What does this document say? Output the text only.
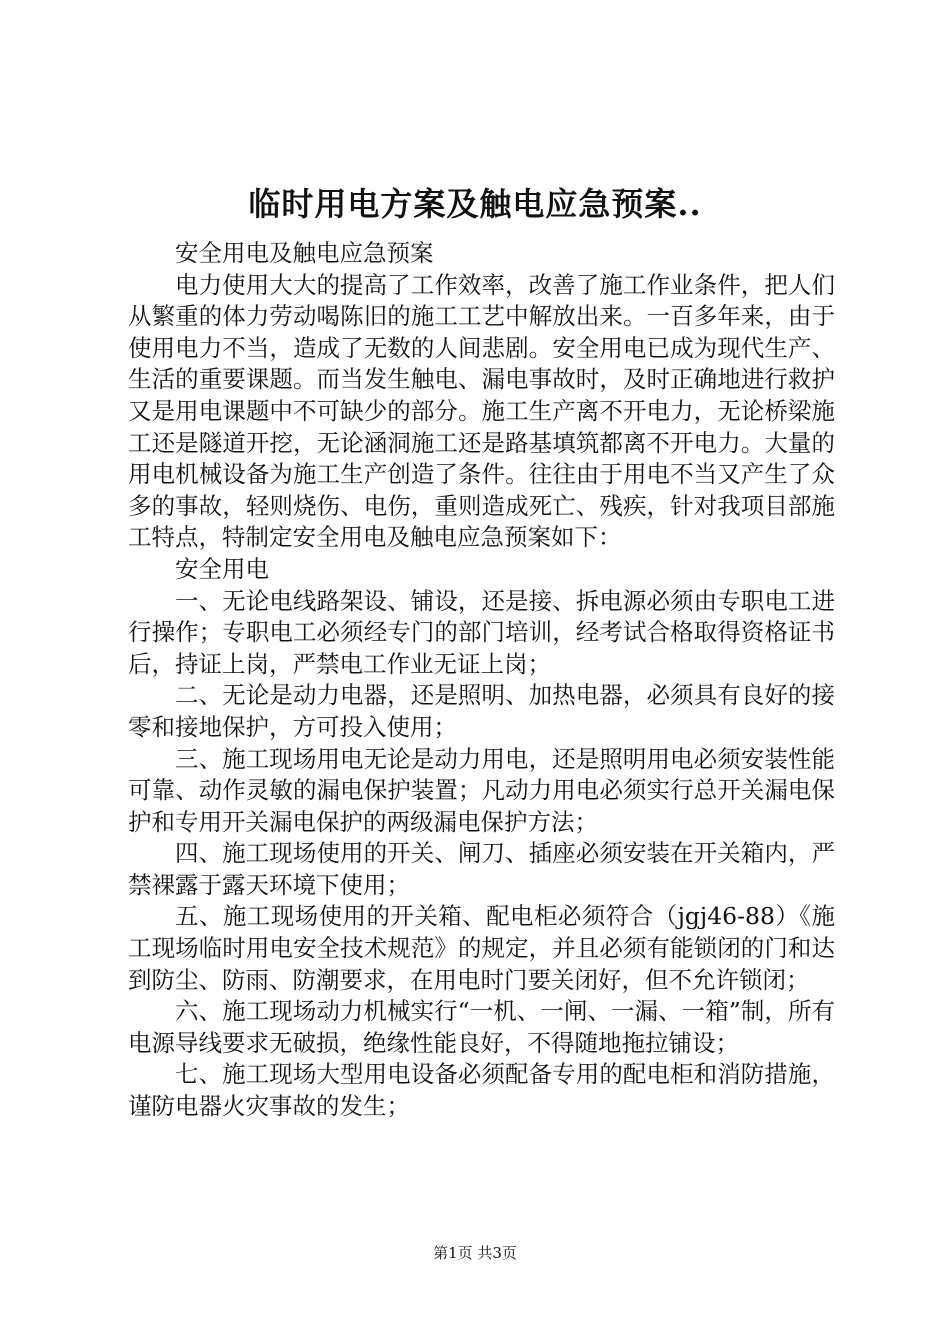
临时用电方案及触电应急预案..

安全用电及触电应急预案

电力使用大大的提高了工作效率，改善了施工作业条件，把人们从繁重的体力劳动喝陈旧的施工工艺中解放出来。一百多年来，由于使用电力不当，造成了无数的人间悲剧。安全用电已成为现代生产、生活的重要课题。而当发生触电、漏电事故时，及时正确地进行救护又是用电课题中不可缺少的部分。施工生产离不开电力，无论桥梁施工还是隧道开挖，无论涵洞施工还是路基填筑都离不开电力。大量的用电机械设备为施工生产创造了条件。往往由于用电不当又产生了众多的事故，轻则烧伤、电伤，重则造成死亡、残疾，针对我项目部施工特点，特制定安全用电及触电应急预案如下：

安全用电

一、无论电线路架设、铺设，还是接、拆电源必须由专职电工进行操作；专职电工必须经专门的部门培训，经考试合格取得资格证书后，持证上岗，严禁电工作业无证上岗；

二、无论是动力电器，还是照明、加热电器，必须具有良好的接零和接地保护，方可投入使用；

三、施工现场用电无论是动力用电，还是照明用电必须安装性能可靠、动作灵敏的漏电保护装置；凡动力用电必须实行总开关漏电保护和专用开关漏电保护的两级漏电保护方法；

四、施工现场使用的开关、闸刀、插座必须安装在开关箱内，严禁裸露于露天环境下使用；

五、施工现场使用的开关箱、配电柜必须符合（jgj46-88）《施工现场临时用电安全技术规范》的规定，并且必须有能锁闭的门和达到防尘、防雨、防潮要求，在用电时门要关闭好，但不允许锁闭；

六、施工现场动力机械实行“一机、一闸、一漏、一箱”制，所有电源导线要求无破损，绝缘性能良好，不得随地拖拉铺设；

七、施工现场大型用电设备必须配备专用的配电柜和消防措施，谨防电器火灾事故的发生；

第1页 共3页
